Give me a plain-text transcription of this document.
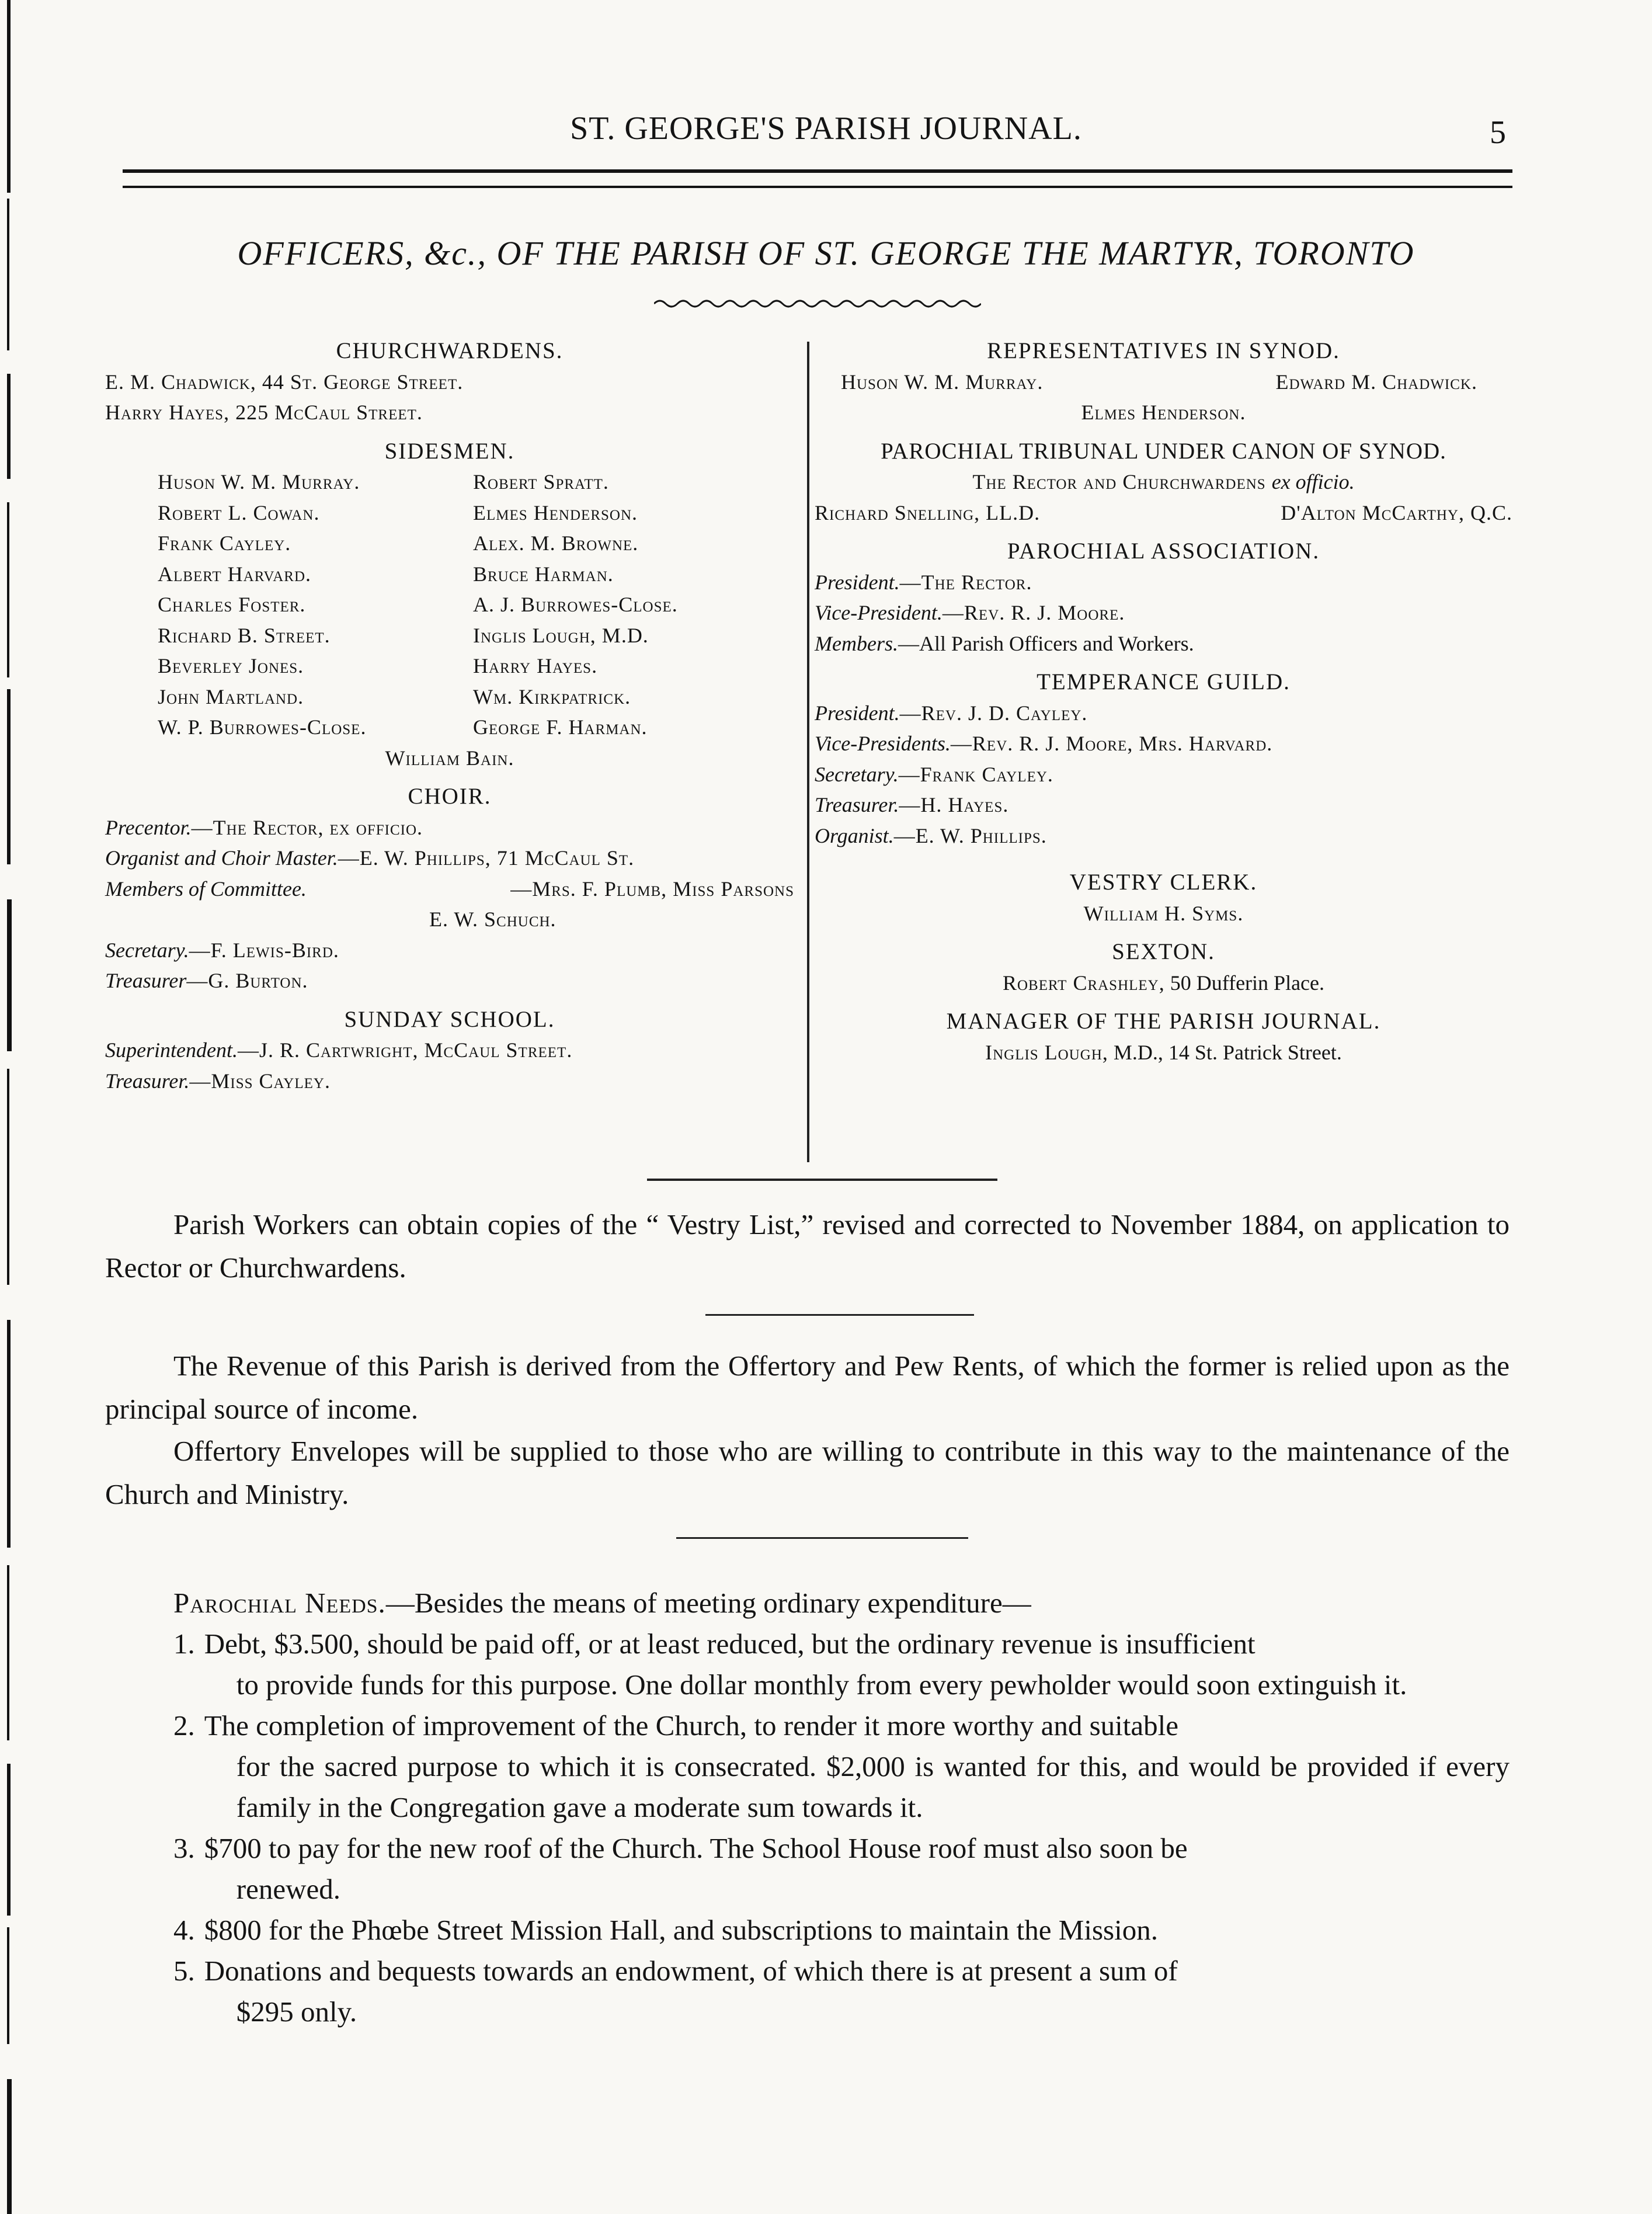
ST. GEORGE'S PARISH JOURNAL.	5
OFFICERS, &c., OF THE PARISH OF ST. GEORGE THE MARTYR, TORONTO
CHURCHWARDENS.
E. M. Chadwick, 44 St. George Street.
Harry Hayes, 225 McCaul Street.
SIDESMEN.
Huson W. M. Murray.	Robert Spratt.
Robert L. Cowan.	Elmes Henderson.
Frank Cayley.	Alex. M. Browne.
Albert Harvard.	Bruce Harman.
Charles Foster.	A. J. Burrowes-Close.
Richard B. Street.	Inglis Lough, M.D.
Beverley Jones.	Harry Hayes.
John Martland.	Wm. Kirkpatrick.
W. P. Burrowes-Close.	George F. Harman.
William Bain.
CHOIR.
Precentor.—The Rector, ex officio.
Organist and Choir Master.—E. W. Phillips, 71 McCaul St.
Members of Committee.	—Mrs. F. Plumb, Miss Parsons
E. W. Schuch.
Secretary.—F. Lewis-Bird.
Treasurer—G. Burton.
SUNDAY SCHOOL.
Superintendent.—J. R. Cartwright, McCaul Street.
Treasurer.—Miss Cayley.
REPRESENTATIVES IN SYNOD.
Huson W. M. Murray.	Edward M. Chadwick.
Elmes Henderson.
PAROCHIAL TRIBUNAL UNDER CANON OF SYNOD.
The Rector and Churchwardens ex officio.
Richard Snelling, LL.D.	D'Alton McCarthy, Q.C.
PAROCHIAL ASSOCIATION.
President.—The Rector.
Vice-President.—Rev. R. J. Moore.
Members.—All Parish Officers and Workers.
TEMPERANCE GUILD.
President.—Rev. J. D. Cayley.
Vice-Presidents.—Rev. R. J. Moore, Mrs. Harvard.
Secretary.—Frank Cayley.
Treasurer.—H. Hayes.
Organist.—E. W. Phillips.
VESTRY CLERK.
William H. Syms.
SEXTON.
Robert Crashley, 50 Dufferin Place.
MANAGER OF THE PARISH JOURNAL.
Inglis Lough, M.D., 14 St. Patrick Street.
Parish Workers can obtain copies of the “ Vestry List,” revised and corrected to November 1884, on application to Rector or Churchwardens.
The Revenue of this Parish is derived from the Offertory and Pew Rents, of which the former is relied upon as the principal source of income.
Offertory Envelopes will be supplied to those who are willing to contribute in this way to the maintenance of the Church and Ministry.
Parochial Needs.—Besides the means of meeting ordinary expenditure—
1. Debt, $3.500, should be paid off, or at least reduced, but the ordinary revenue is insufficient
to provide funds for this purpose. One dollar monthly from every pewholder would soon extinguish it.
2. The completion of improvement of the Church, to render it more worthy and suitable
for the sacred purpose to which it is consecrated. $2,000 is wanted for this, and would be provided if every family in the Congregation gave a moderate sum towards it.
3. $700 to pay for the new roof of the Church. The School House roof must also soon be
renewed.
4. $800 for the Phœbe Street Mission Hall, and subscriptions to maintain the Mission.
5. Donations and bequests towards an endowment, of which there is at present a sum of
$295 only.
